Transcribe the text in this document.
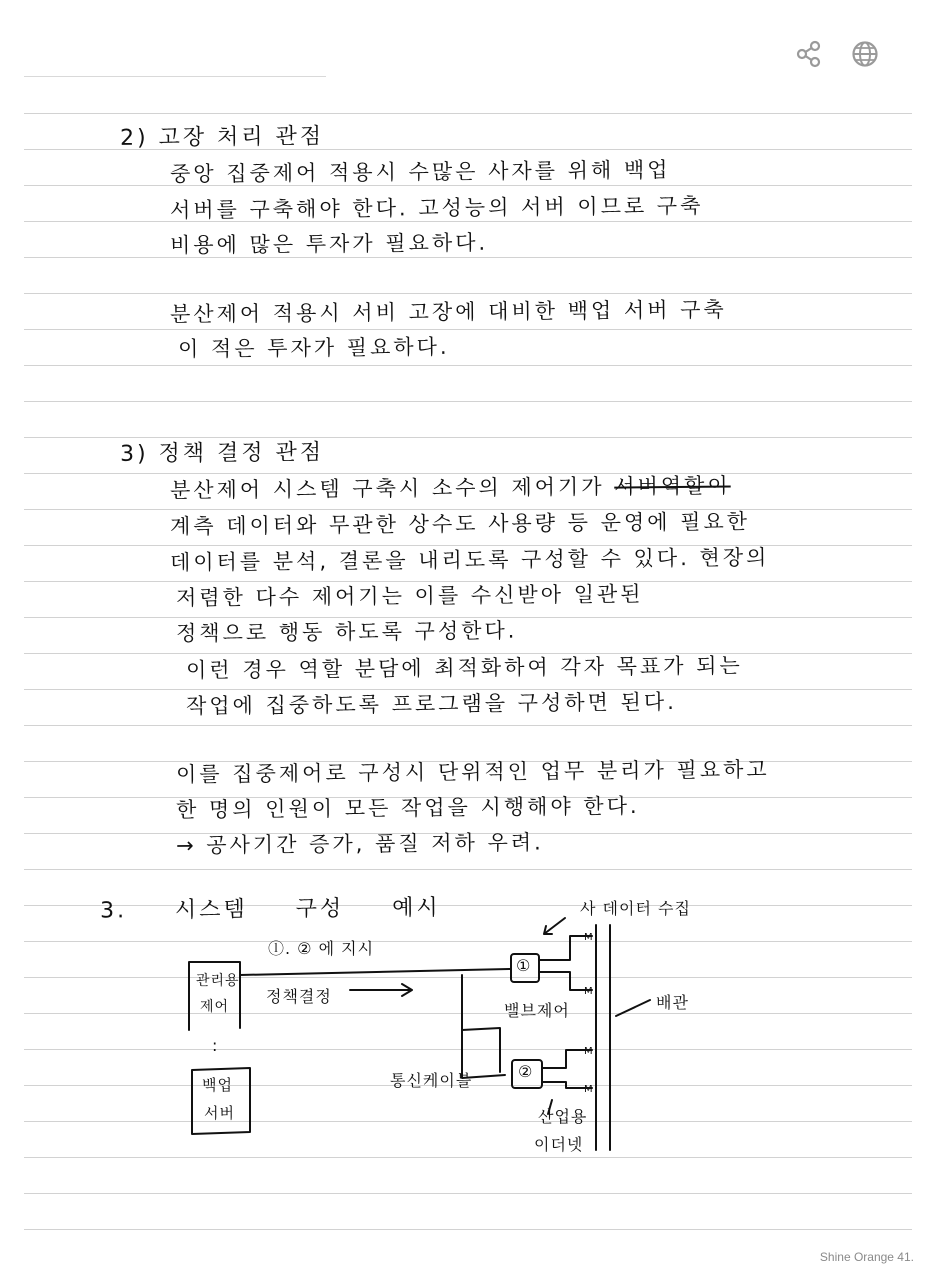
2) 고장 처리 관점
중앙 집중제어 적용시 수많은 사자를 위해 백업
서버를 구축해야 한다. 고성능의 서버 이므로 구축
비용에 많은 투자가 필요하다.
분산제어 적용시 서비 고장에 대비한 백업 서버 구축
이 적은 투자가 필요하다.
3) 정책 결정 관점
분산제어 시스템 구축시 소수의 제어기가 서버역할이
계측 데이터와 무관한 상수도 사용량 등 운영에 필요한
데이터를 분석, 결론을 내리도록 구성할 수 있다. 현장의
저렴한 다수 제어기는 이를 수신받아 일관된
정책으로 행동 하도록 구성한다.
이런 경우 역할 분담에 최적화하여 각자 목표가 되는
작업에 집중하도록 프로그램을 구성하면 된다.
이를 집중제어로 구성시 단위적인 업무 분리가 필요하고
한 명의 인원이 모든 작업을 시행해야 한다.
→ 공사기간 증가, 품질 저하 우려.
3. 시스템 구성 예시
M
M
M
M
ⓛ. ② 에 지시
관리용
제어
:
백업
서버
정책결정
①
②
사 데이터 수집
밸브제어	배관
통신케이블
산업용
이더넷
Shine Orange 41.
